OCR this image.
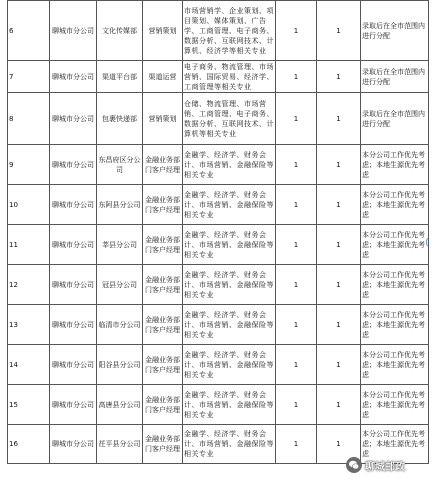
6	聊城市分公司	文化传媒部	营销策划	市场营销学、企业策划、项目策划、媒体策划、广告学、工商管理、电子商务、数据分析、互联网技术、计算机、经济学等相关专业	1	1	录取后在全市范围内进行分配
7	聊城市分公司	渠道平台部	渠道运营	电子商务、物流管理、市场营销、国际贸易、经济学、工商管理等相关专业	1	1	录取后在全市范围内进行分配
8	聊城市分公司	包裹快递部	营销策划	仓储、物流管理、市场营销、工商管理、电子商务、数据分析、互联网技术、计算机等相关专业	1	1	录取后在全市范围内进行分配
9	聊城市分公司	东昌府区分公司	金融业务部门客户经理	金融学、经济学、财务会计、市场营销、金融保险等相关专业	1	1	本分公司工作优先考虑；本地生源优先考虑
10	聊城市分公司	东阿县分公司	金融业务部门客户经理	金融学、经济学、财务会计、市场营销、金融保险等相关专业	1	1	本分公司工作优先考虑；本地生源优先考虑
11	聊城市分公司	莘县分公司	金融业务部门客户经理	金融学、经济学、财务会计、市场营销、金融保险等相关专业	1	1	本分公司工作优先考虑；本地生源优先考虑
12	聊城市分公司	冠县分公司	金融业务部门客户经理	金融学、经济学、财务会计、市场营销、金融保险等相关专业	1	1	本分公司工作优先考虑；本地生源优先考虑
13	聊城市分公司	临清市分公司	金融业务部门客户经理	金融学、经济学、财务会计、市场营销、金融保险等相关专业	1	1	本分公司工作优先考虑；本地生源优先考虑
14	聊城市分公司	阳谷县分公司	金融业务部门客户经理	金融学、经济学、财务会计、市场营销、金融保险等相关专业	1	1	本分公司工作优先考虑；本地生源优先考虑
15	聊城市分公司	高唐县分公司	金融业务部门客户经理	金融学、经济学、财务会计、市场营销、金融保险等相关专业	1	1	本分公司工作优先考虑；本地生源优先考虑
16	聊城市分公司	茌平县分公司	金融业务部门客户经理	金融学、经济学、财务会计、市场营销、金融保险等相关专业	1	1	本分公司工作优先考虑；本地生源优先考虑
⟨
聊城邮政
